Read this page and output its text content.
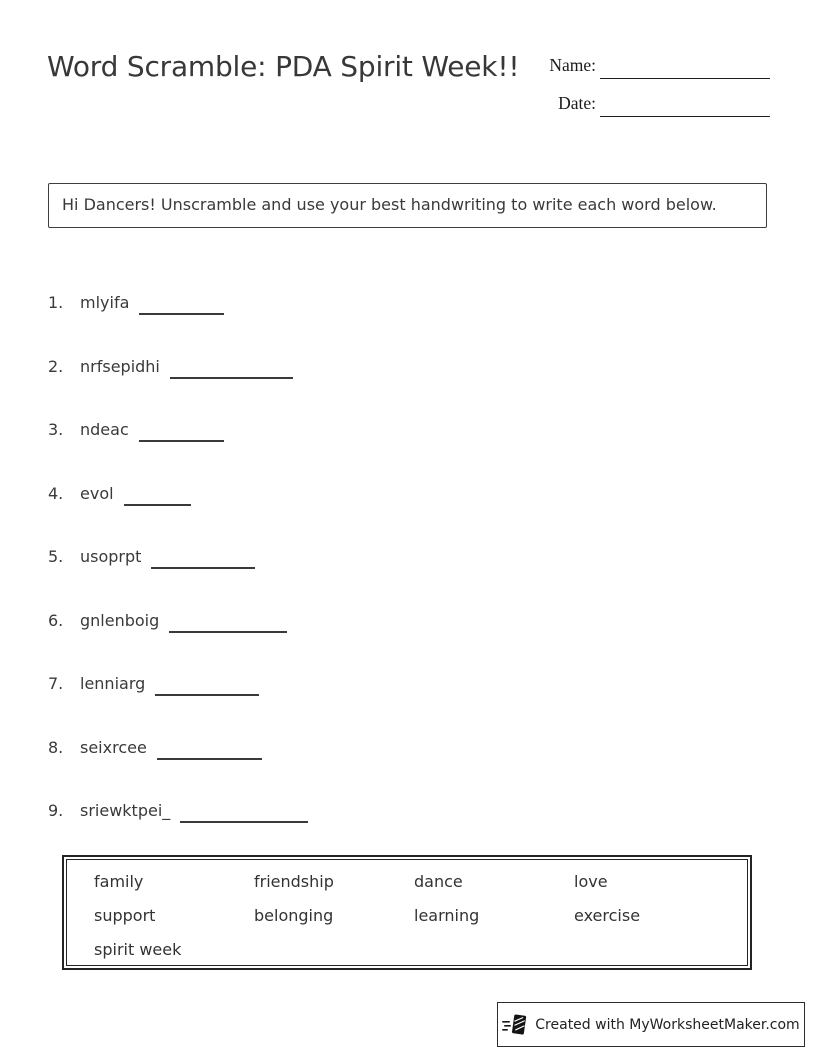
Word Scramble: PDA Spirit Week!!	Name:
Date:
Hi Dancers! Unscramble and use your best handwriting to write each word below.
1.	mlyifa
2.	nrfsepidhi
3.	ndeac
4.	evol
5.	usoprpt
6.	gnlenboig
7.	lenniarg
8.	seixrcee
9.	sriewktpei_
family	friendship	dance	love
support	belonging	learning	exercise
spirit week
Created with MyWorksheetMaker.com
